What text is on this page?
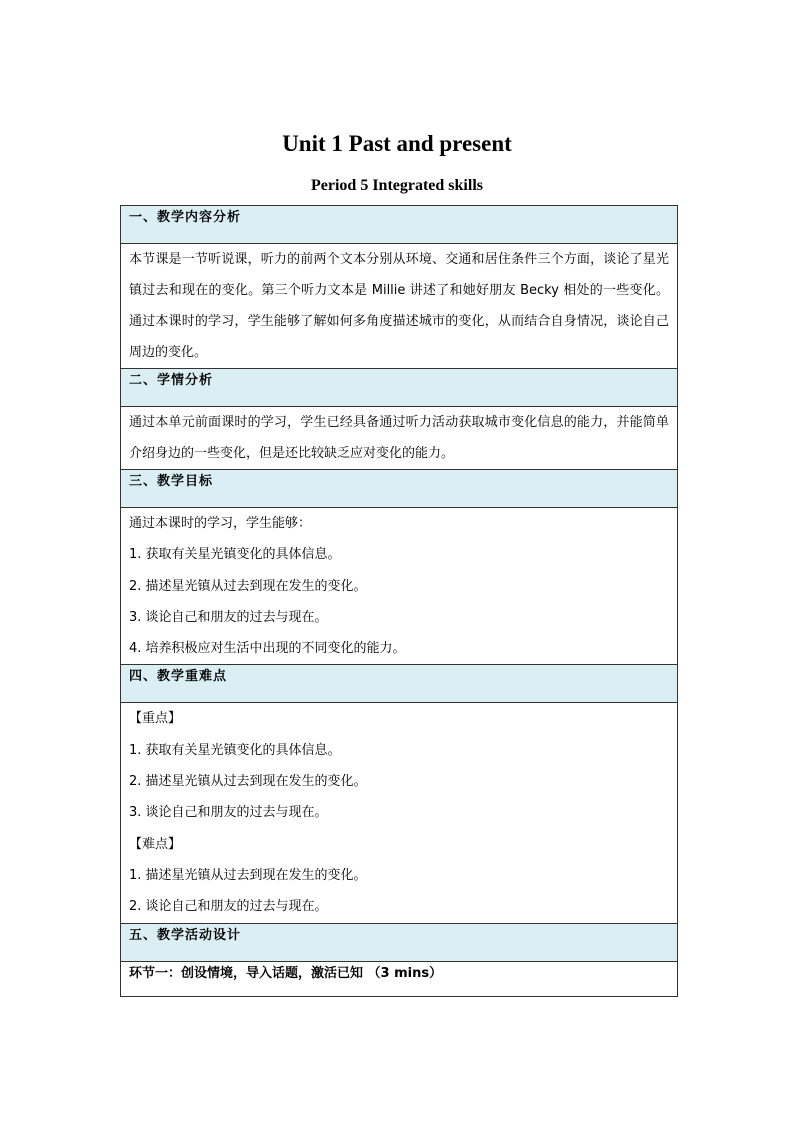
Unit 1 Past and present
Period 5 Integrated skills
一、教学内容分析

本节课是一节听说课，听力的前两个文本分别从环境、交通和居住条件三个方面，谈论了星光镇过去和现在的变化。第三个听力文本是 Millie 讲述了和她好朋友 Becky 相处的一些变化。通过本课时的学习，学生能够了解如何多角度描述城市的变化，从而结合自身情况，谈论自己周边的变化。

二、学情分析

通过本单元前面课时的学习，学生已经具备通过听力活动获取城市变化信息的能力，并能简单介绍身边的一些变化，但是还比较缺乏应对变化的能力。

三、教学目标

通过本课时的学习，学生能够：
1. 获取有关星光镇变化的具体信息。
2. 描述星光镇从过去到现在发生的变化。
3. 谈论自己和朋友的过去与现在。
4. 培养积极应对生活中出现的不同变化的能力。

四、教学重难点

【重点】
1. 获取有关星光镇变化的具体信息。
2. 描述星光镇从过去到现在发生的变化。
3. 谈论自己和朋友的过去与现在。
【难点】
1. 描述星光镇从过去到现在发生的变化。
2. 谈论自己和朋友的过去与现在。

五、教学活动设计
环节一：创设情境，导入话题，激活已知 （3 mins）
